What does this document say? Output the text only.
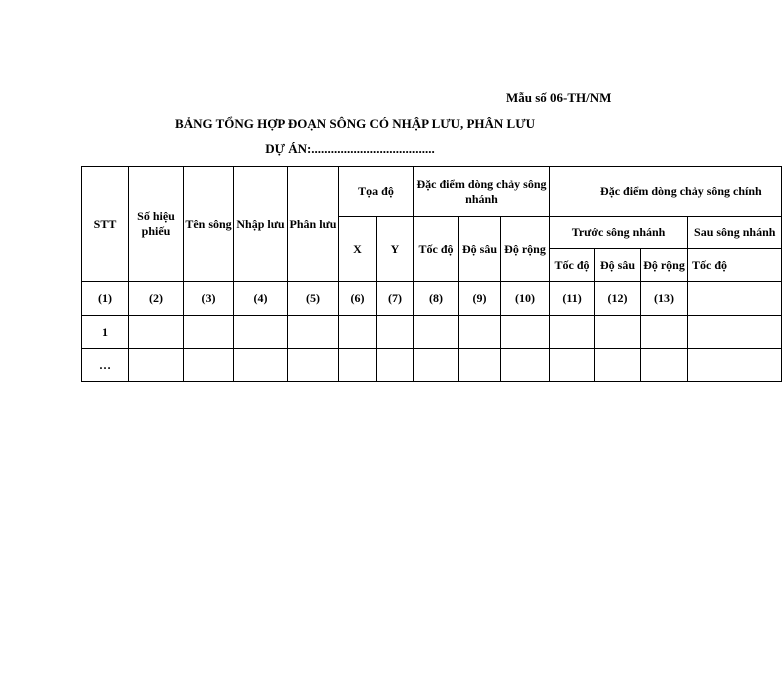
Mẫu số 06-TH/NM
BẢNG TỔNG HỢP ĐOẠN SÔNG CÓ NHẬP LƯU, PHÂN LƯU
DỰ ÁN:......................................
STT	Số hiệu phiếu	Tên sông	Nhập lưu	Phân lưu	Tọa độ		Đặc điểm dòng chảy sông nhánh			Đặc điểm dòng chảy sông chính			
					X	Y	Tốc độ	Độ sâu	Độ rộng	Trước sông nhánh			Sau sông nhánh
										Tốc độ	Độ sâu	Độ rộng	Tốc độ
(1)	(2)	(3)	(4)	(5)	(6)	(7)	(8)	(9)	(10)	(11)	(12)	(13)	
1													
…													
